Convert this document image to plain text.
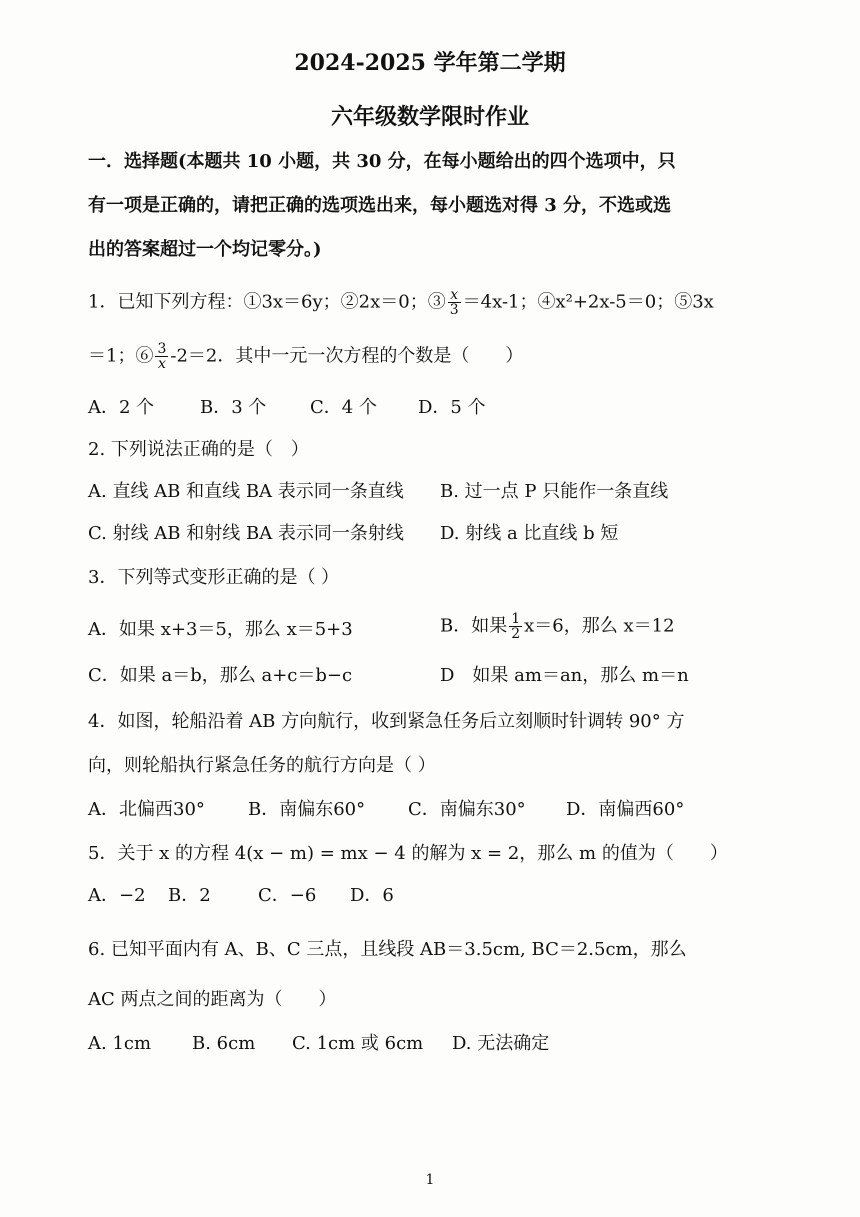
2024-2025 学年第二学期
六年级数学限时作业
一．选择题(本题共 10 小题，共 30 分，在每小题给出的四个选项中，只
有一项是正确的，请把正确的选项选出来，每小题选对得 3 分，不选或选
出的答案超过一个均记零分。)
1．已知下列方程：①3x＝6y；②2x＝0；③ $\frac{x}{3} =4x-1$；④x²+2x-5＝0；⑤3x
＝1；⑥ $\frac{3}{x} -2=2$．其中一元一次方程的个数是（　　）
A．2 个	B．3 个 C．4 个 D．5 个
2. 下列说法正确的是（　）
A. 直线 AB 和直线 BA 表示同一条直线 B. 过一点 P 只能作一条直线
C. 射线 AB 和射线 BA 表示同一条射线 D. 射线 a 比直线 b 短
3．下列等式变形正确的是（ ）
A．如果 x+3＝5，那么 x＝5+3	B．如果 $\frac{1}{2} x=6$，那么 x＝12
C．如果 a＝b，那么 a+c＝b−c	D　如果 am＝an，那么 m＝n
4．如图，轮船沿着 AB 方向航行，收到紧急任务后立刻顺时针调转 90° 方
向，则轮船执行紧急任务的航行方向是（ ）
A．北偏西30° B．南偏东60° C．南偏东30° D．南偏西60°
5．关于 x 的方程 4(x − m) = mx − 4 的解为 x = 2，那么 m 的值为（　　）
A．−2 B．2	C．−6 D．6
6. 已知平面内有 A、B、C 三点，且线段 AB＝3.5cm, BC＝2.5cm，那么
AC 两点之间的距离为（　　）
A. 1cm B. 6cm C. 1cm 或 6cm D. 无法确定
1
